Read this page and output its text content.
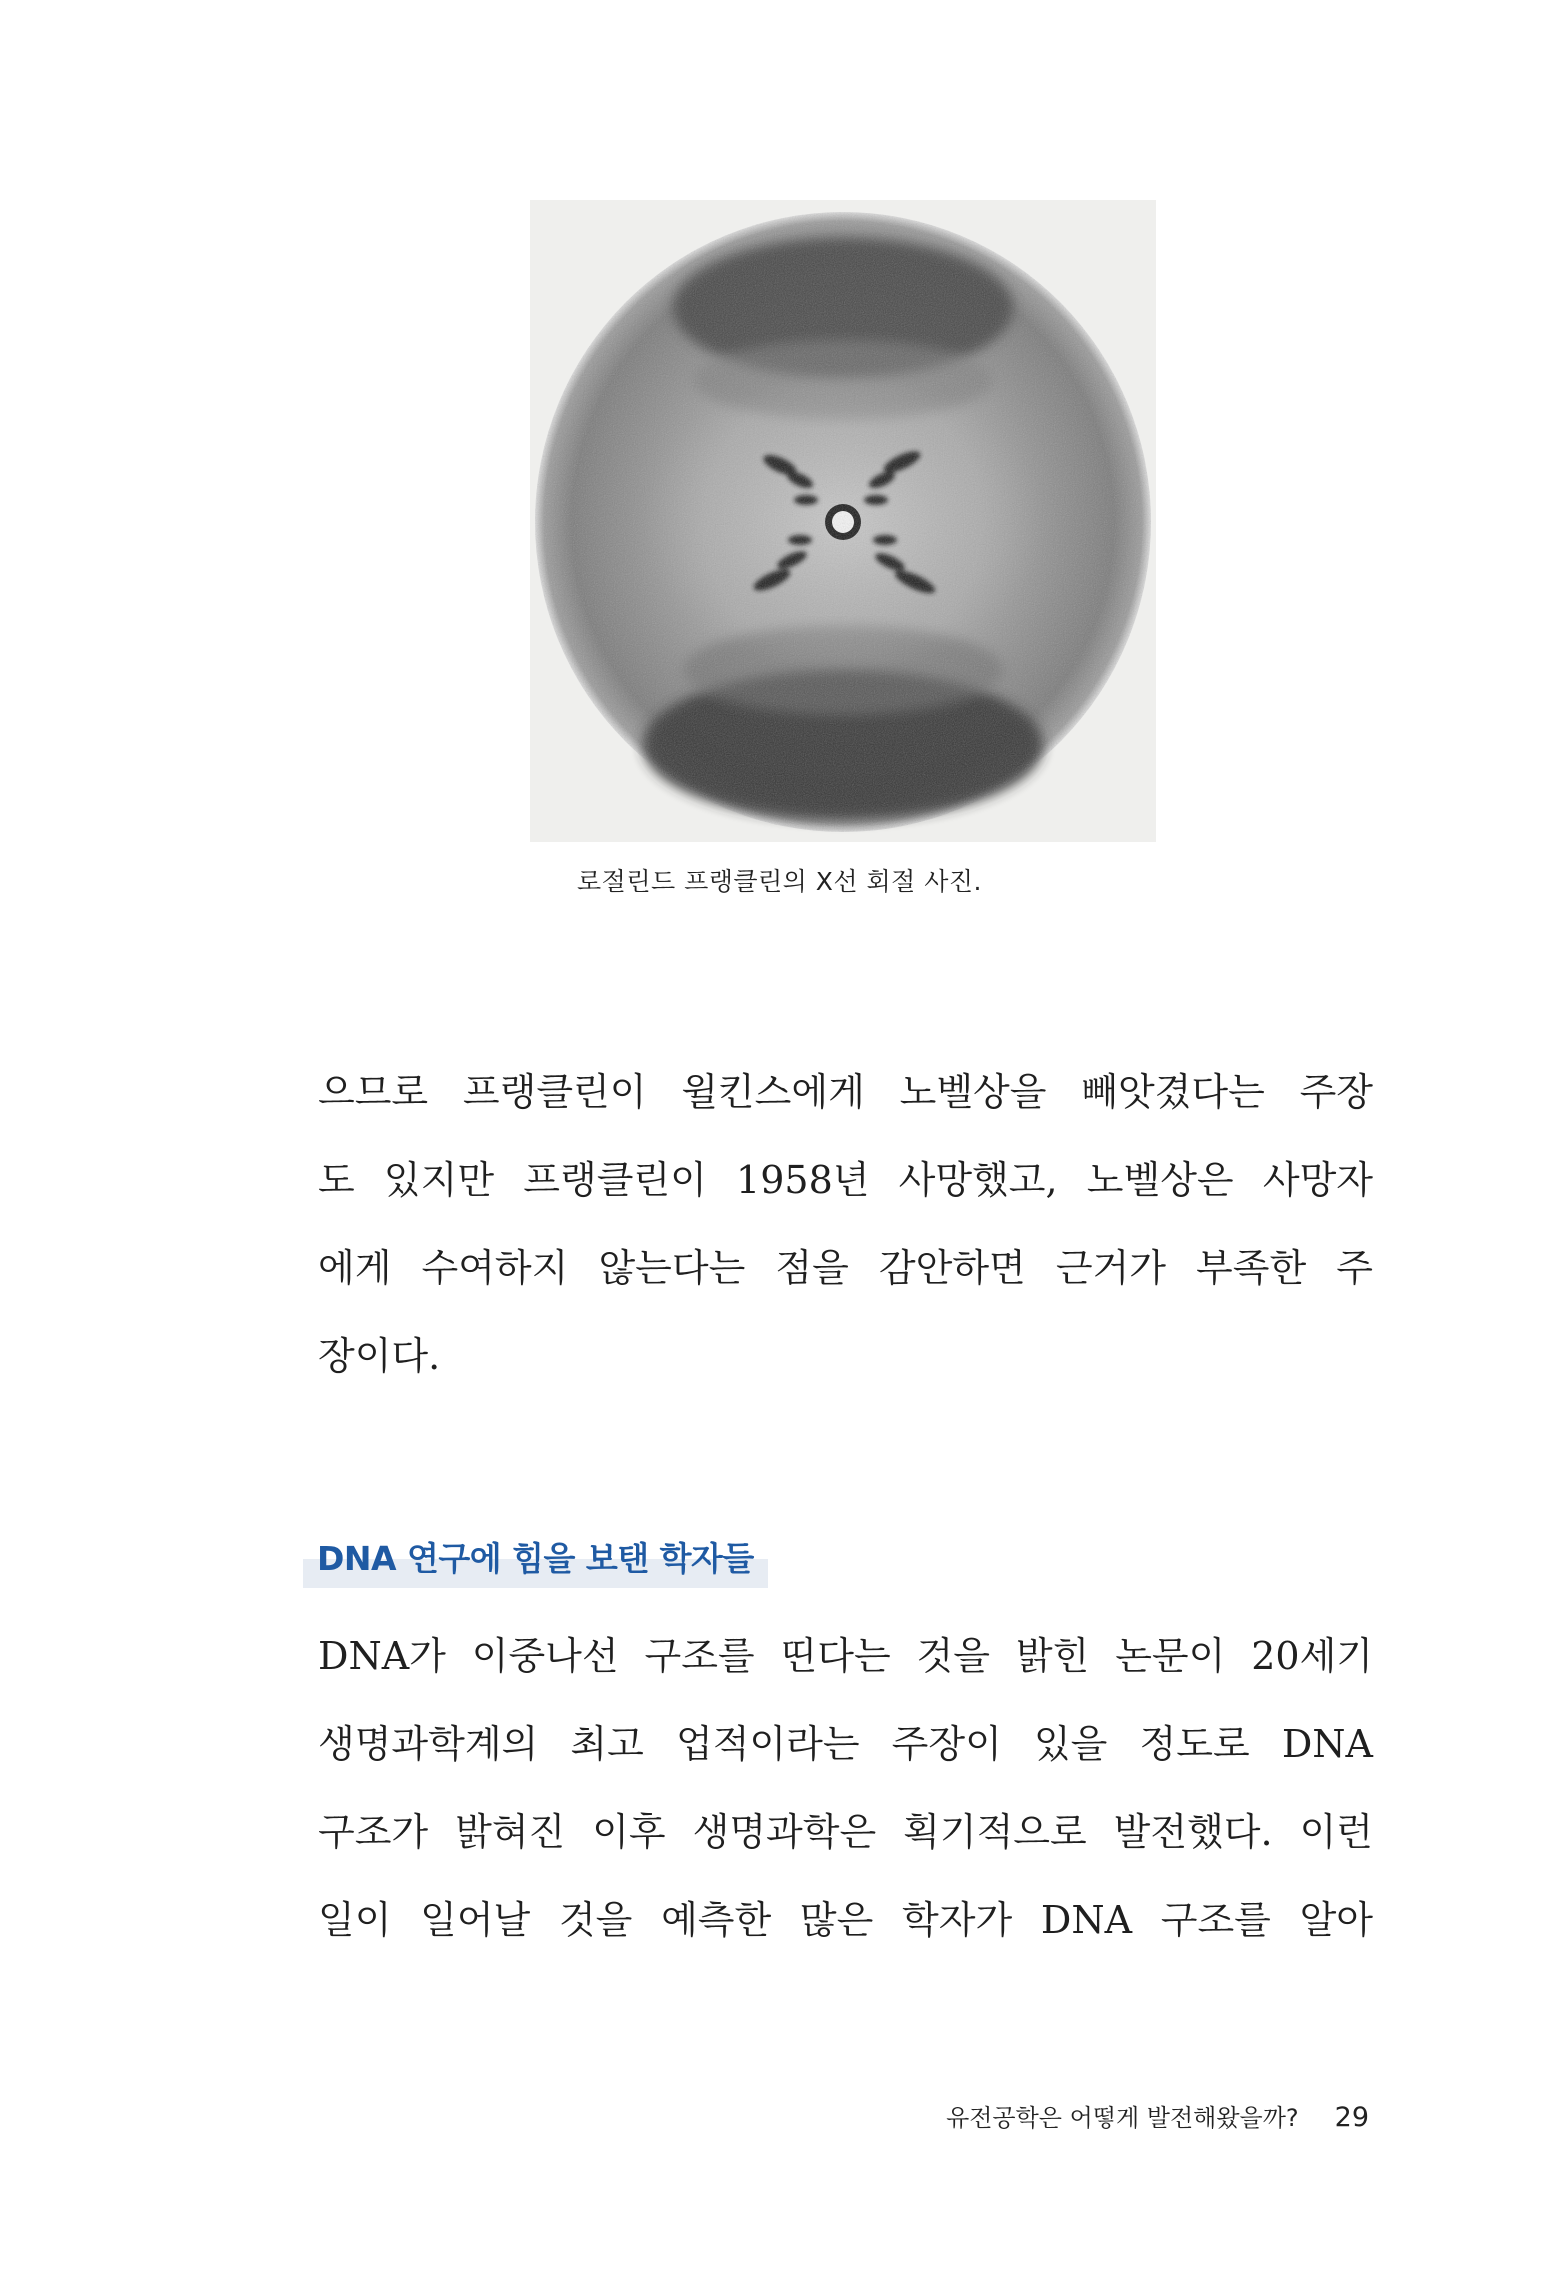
로절린드 프랭클린의 X선 회절 사진.
으므로 프랭클린이 윌킨스에게 노벨상을 빼앗겼다는 주장
도 있지만 프랭클린이 1958년 사망했고, 노벨상은 사망자
에게 수여하지 않는다는 점을 감안하면 근거가 부족한 주
장이다.
DNA 연구에 힘을 보탠 학자들
DNA가 이중나선 구조를 띤다는 것을 밝힌 논문이 20세기
생명과학계의 최고 업적이라는 주장이 있을 정도로 DNA
구조가 밝혀진 이후 생명과학은 획기적으로 발전했다. 이런
일이 일어날 것을 예측한 많은 학자가 DNA 구조를 알아
유전공학은 어떻게 발전해왔을까? 29
